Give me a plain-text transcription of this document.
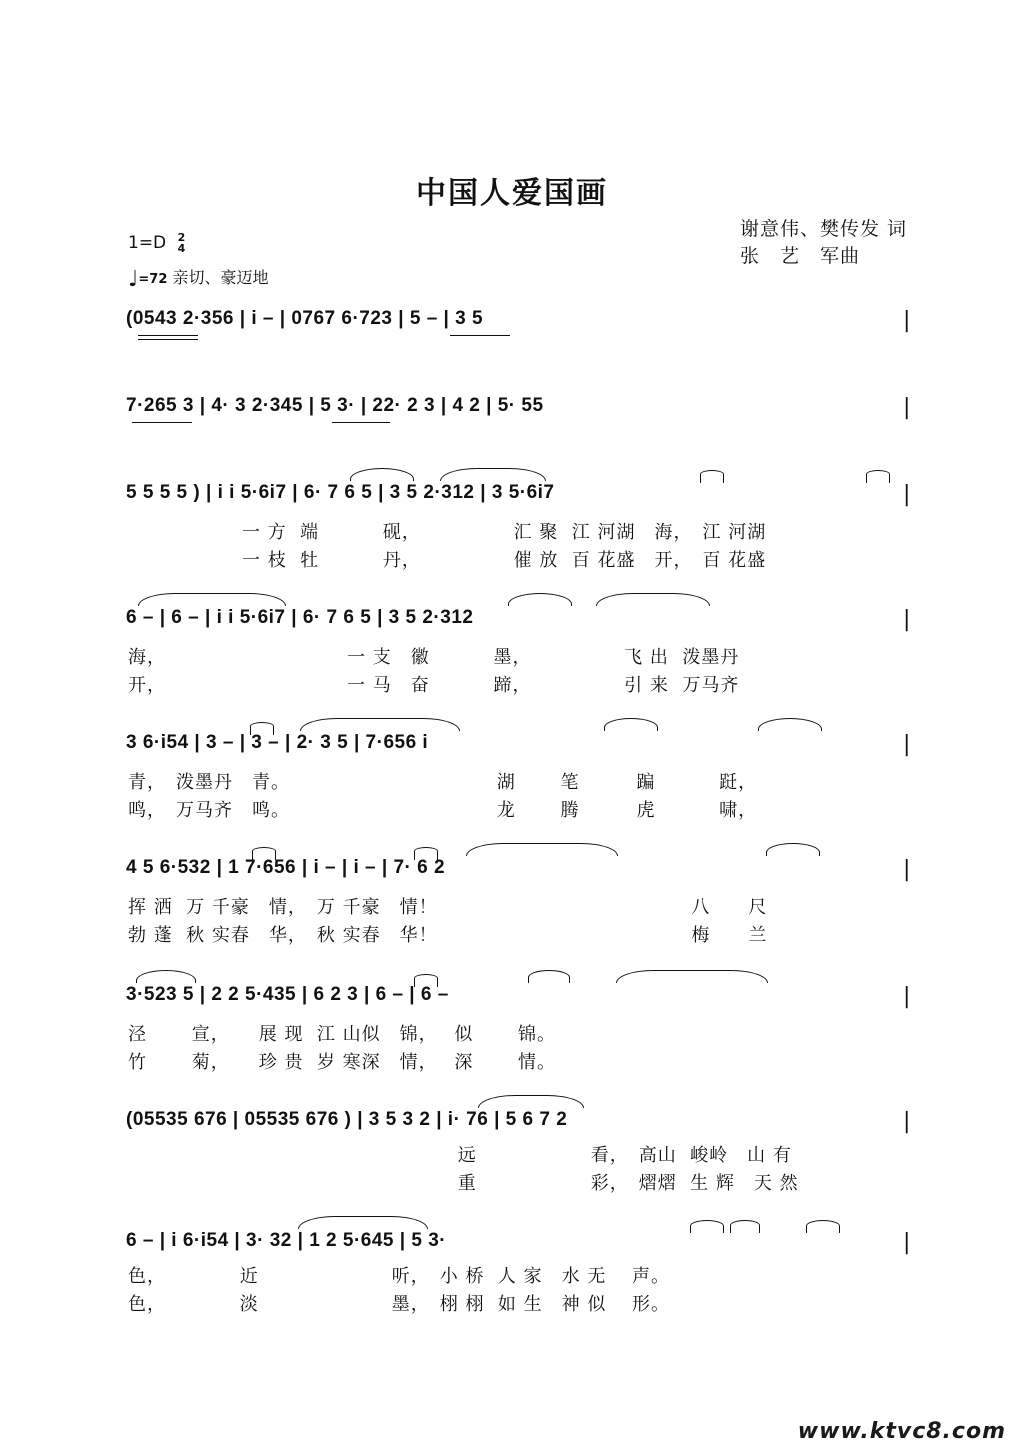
中国人爱国画
1=D 2
4
♩=72 亲切、豪迈地
谢意伟、樊传发 词
张　艺　军曲
(0543 2·356 | i – | 0767 6·723 | 5 – | 3 5	|
7·265 3 | 4· 3 2·345 | 5 3· | 22· 2 3 | 4 2 | 5· 55	|
5 5 5 5 ) | i i 5·6i7 | 6· 7 6 5 | 3 5 2·312 | 3 5·6i7	|
　　　　　　一 方  端　　　 砚，　　　　　 汇 聚  江 河湖　海，　江 河湖
　　　　　　一 枝  牡　　　 丹，　　　　　 催 放  百 花盛　开，　百 花盛
6 – | 6 – | i i 5·6i7 | 6· 7 6 5 | 3 5 2·312	|
海，　　　　　　　　　　一 支　徽　　　 墨，　　　　　 飞 出  泼墨丹
开，　　　　　　　　　　一 马　奋　　　 蹄，　　　　　 引 来  万马齐
3 6·i54 | 3 – | 3 – | 2· 3 5 | 7·656 i	|
青，　泼墨丹　青。　　　　　　　　　　　 湖　　 笔　　　蹁　　　 跹，
鸣，　万马齐　鸣。　　　　　　　　　　　 龙　　 腾　　　虎　　　 啸，
4 5 6·532 | 1 7·656 | i – | i – | 7· 6 2	|
挥 洒  万 千豪　情，　万 千豪　情！　　　　　　　　　　　　　 八　　尺
勃 蓬  秋 实春　华，　秋 实春　华！　　　　　　　　　　　　　 梅　　兰
3·523 5 | 2 2 5·435 | 6 2 3 | 6 – | 6 –	|
泾　　 宣，　　展 现  江 山似　锦，　 似　　 锦。
竹　　 菊，　　珍 贵  岁 寒深　情，　 深　　 情。
(05535 676 | 05535 676 ) | 3 5 3 2 | i· 76 | 5 6 7 2	|
　　　　　　　　　　　　　　　　　 远　　　　　　看，　高山  峻岭　山 有
　　　　　　　　　　　　　　　　　 重　　　　　　彩，　熠熠  生 辉　天 然
6 – | i 6·i54 | 3· 32 | 1 2 5·645 | 5 3·	|
色，　　　　 近　　　　　　　听，　小 桥  人 家　水 无　 声。
色，　　　　 淡　　　　　　　墨，　栩 栩  如 生　神 似　 形。
www.ktvc8.com
